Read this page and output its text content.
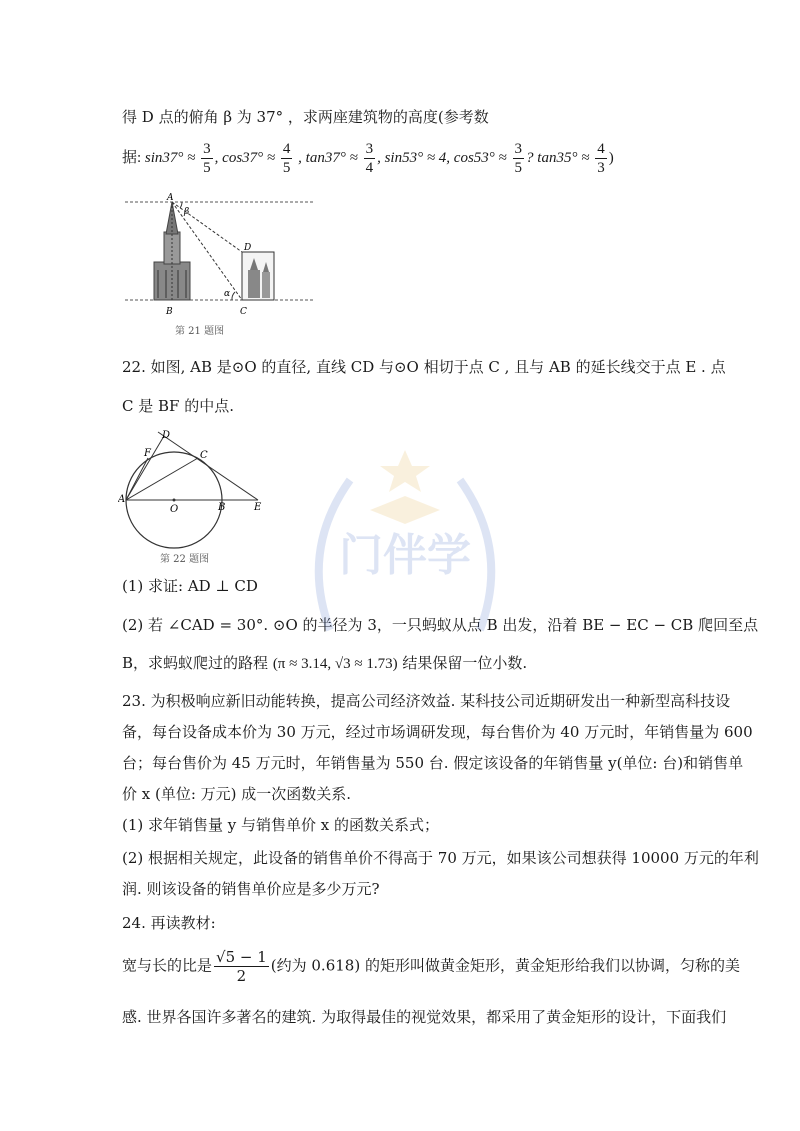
得 D 点的俯角 β 为 37° ，求两座建筑物的高度(参考数
据: $\sin 37^\circ \approx \frac{3}{5}$ , $\cos 37^\circ \approx \frac{4}{5}$ , $\tan 37^\circ \approx \frac{3}{4}$ , sin53° ≈ 4, $\cos 53^\circ \approx \frac{3}{5}$ ? $\tan 35^\circ \approx \frac{4}{3}$ )
A
B	C
D
α
β
第 21 题图
22. 如图, AB 是⊙O 的直径, 直线 CD 与⊙O 相切于点 C , 且与 AB 的延长线交于点 E . 点
C 是 BF 的中点.
D
F	C
A
O	B	E
第 22 题图
(1) 求证: AD ⊥ CD
(2) 若 ∠CAD = 30°. ⊙O 的半径为 3，一只蚂蚁从点 B 出发，沿着 BE − EC − CB 爬回至点
B，求蚂蚁爬过的路程 (π ≈ 3.14, √3 ≈ 1.73) 结果保留一位小数.
23. 为积极响应新旧动能转换，提高公司经济效益. 某科技公司近期研发出一种新型高科技设
备，每台设备成本价为 30 万元，经过市场调研发现，每台售价为 40 万元时，年销售量为 600
台；每台售价为 45 万元时，年销售量为 550 台. 假定该设备的年销售量 y(单位: 台)和销售单
价 x (单位: 万元) 成一次函数关系.
(1) 求年销售量 y 与销售单价 x 的函数关系式；
(2) 根据相关规定，此设备的销售单价不得高于 70 万元，如果该公司想获得 10000 万元的年利
润. 则该设备的销售单价应是多少万元?
24. 再读教材:
宽与长的比是 $\frac{√5 - 1}{2}$ (约为 0.618) 的矩形叫做黄金矩形，黄金矩形给我们以协调，匀称的美
感. 世界各国许多著名的建筑. 为取得最佳的视觉效果，都采用了黄金矩形的设计，下面我们
门伴学
